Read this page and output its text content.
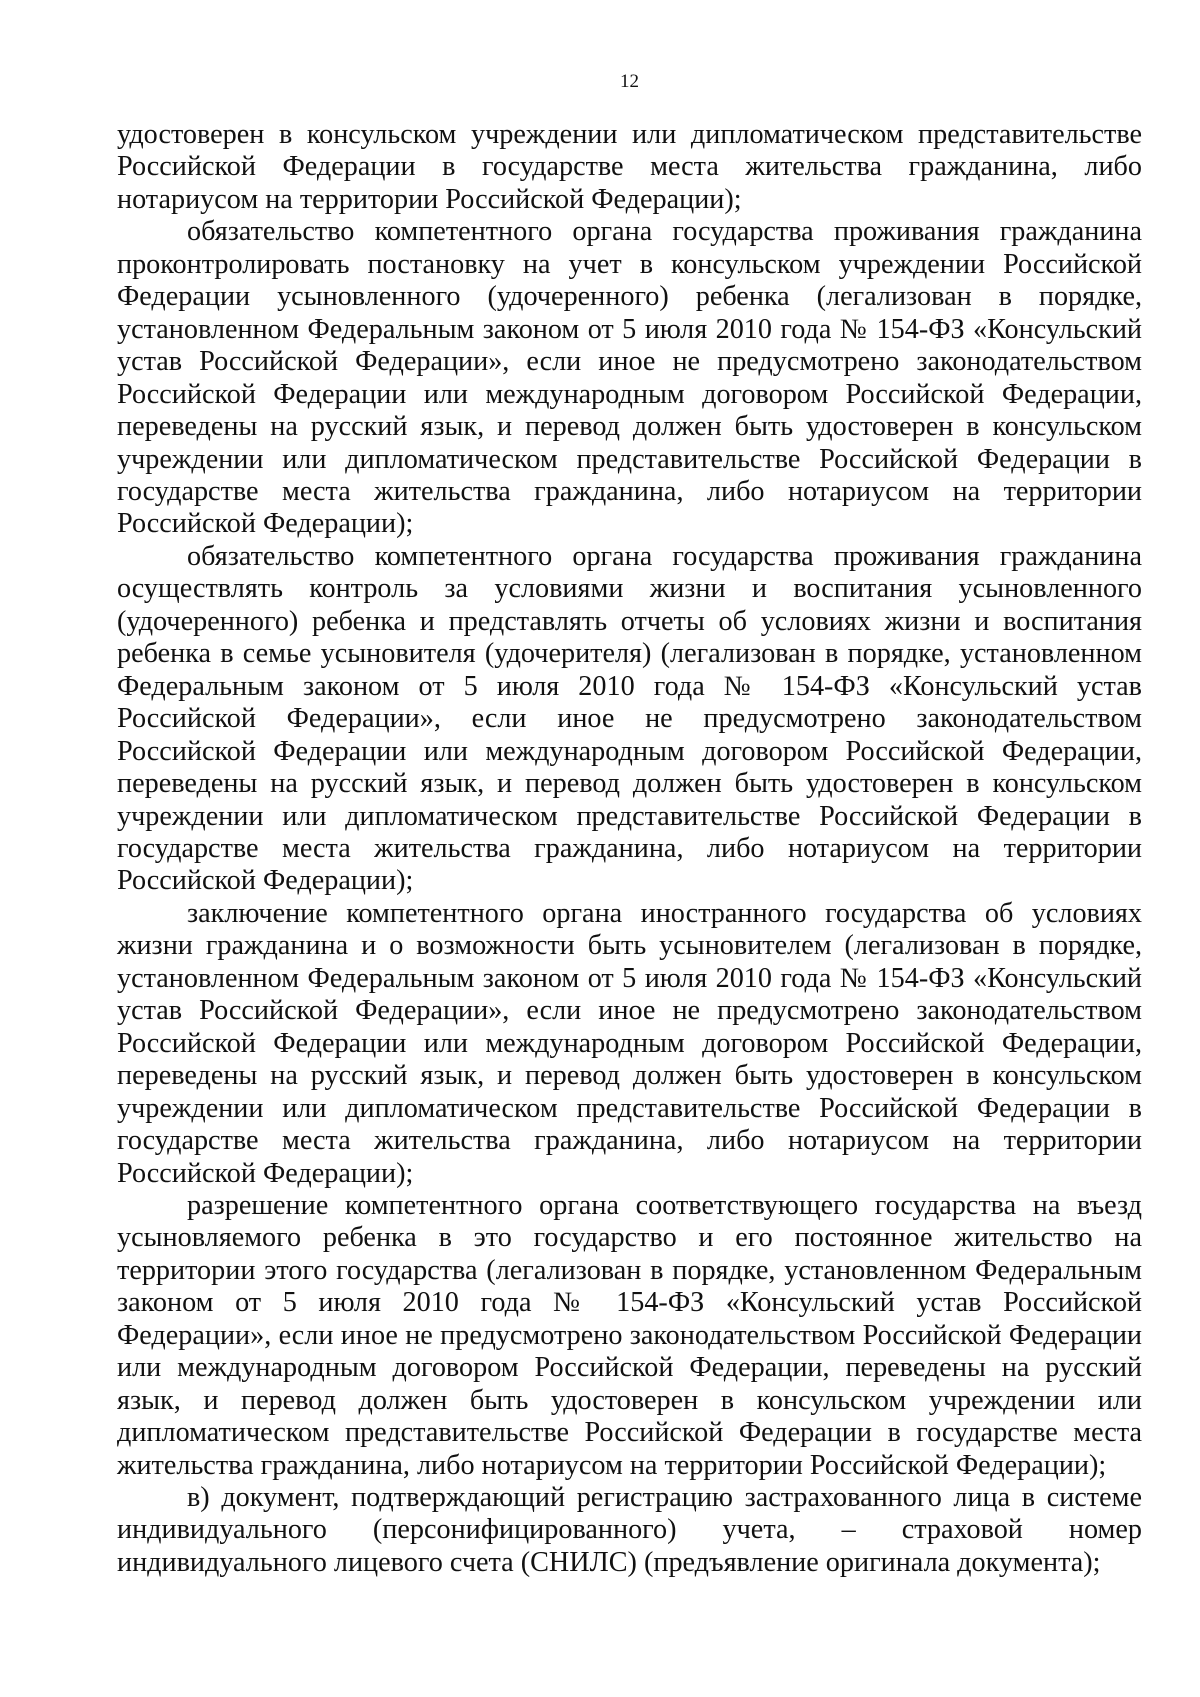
12

удостоверен в консульском учреждении или дипломатическом представительстве Российской Федерации в государстве места жительства гражданина, либо нотариусом на территории Российской Федерации);

обязательство компетентного органа государства проживания гражданина проконтролировать постановку на учет в консульском учреждении Российской Федерации усыновленного (удочеренного) ребенка (легализован в порядке, установленном Федеральным законом от 5 июля 2010 года № 154-ФЗ «Консульский устав Российской Федерации», если иное не предусмотрено законодательством Российской Федерации или международным договором Российской Федерации, переведены на русский язык, и перевод должен быть удостоверен в консульском учреждении или дипломатическом представительстве Российской Федерации в государстве места жительства гражданина, либо нотариусом на территории Российской Федерации);

обязательство компетентного органа государства проживания гражданина осуществлять контроль за условиями жизни и воспитания усыновленного (удочеренного) ребенка и представлять отчеты об условиях жизни и воспитания ребенка в семье усыновителя (удочерителя) (легализован в порядке, установленном Федеральным законом от 5 июля 2010 года № 154-ФЗ «Консульский устав Российской Федерации», если иное не предусмотрено законодательством Российской Федерации или международным договором Российской Федерации, переведены на русский язык, и перевод должен быть удостоверен в консульском учреждении или дипломатическом представительстве Российской Федерации в государстве места жительства гражданина, либо нотариусом на территории Российской Федерации);

заключение компетентного органа иностранного государства об условиях жизни гражданина и о возможности быть усыновителем (легализован в порядке, установленном Федеральным законом от 5 июля 2010 года № 154-ФЗ «Консульский устав Российской Федерации», если иное не предусмотрено законодательством Российской Федерации или международным договором Российской Федерации, переведены на русский язык, и перевод должен быть удостоверен в консульском учреждении или дипломатическом представительстве Российской Федерации в государстве места жительства гражданина, либо нотариусом на территории Российской Федерации);

разрешение компетентного органа соответствующего государства на въезд усыновляемого ребенка в это государство и его постоянное жительство на территории этого государства (легализован в порядке, установленном Федеральным законом от 5 июля 2010 года № 154-ФЗ «Консульский устав Российской Федерации», если иное не предусмотрено законодательством Российской Федерации или международным договором Российской Федерации, переведены на русский язык, и перевод должен быть удостоверен в консульском учреждении или дипломатическом представительстве Российской Федерации в государстве места жительства гражданина, либо нотариусом на территории Российской Федерации);

в) документ, подтверждающий регистрацию застрахованного лица в системе индивидуального (персонифицированного) учета, – страховой номер индивидуального лицевого счета (СНИЛС) (предъявление оригинала документа);
